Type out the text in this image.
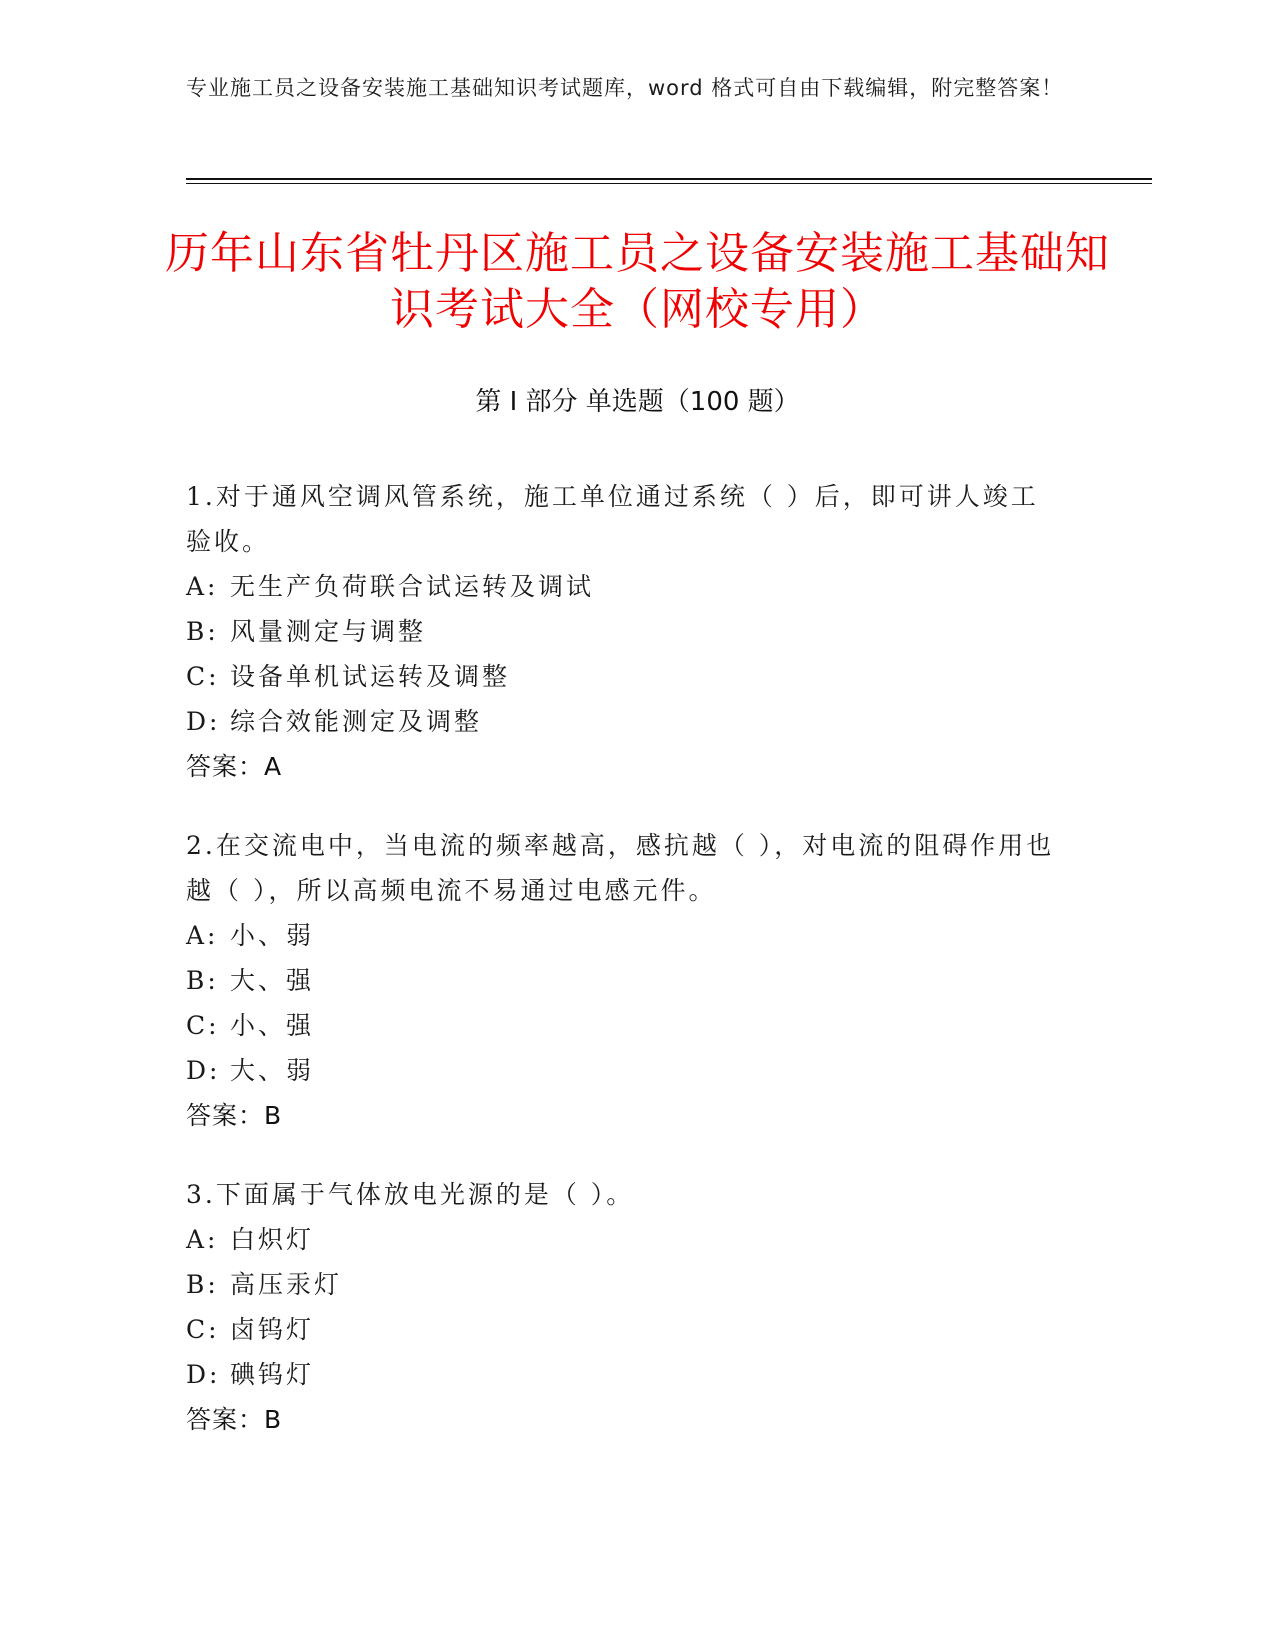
专业施工员之设备安装施工基础知识考试题库，word 格式可自由下载编辑，附完整答案！
历年山东省牡丹区施工员之设备安装施工基础知识考试大全（网校专用）
第 I 部分 单选题（100 题）
1.对于通风空调风管系统，施工单位通过系统（ ）后，即可讲人竣工验收。
A: 无生产负荷联合试运转及调试
B: 风量测定与调整
C: 设备单机试运转及调整
D: 综合效能测定及调整
答案：A
2.在交流电中，当电流的频率越高，感抗越（ ），对电流的阻碍作用也越（ ），所以高频电流不易通过电感元件。
A: 小、弱
B: 大、强
C: 小、强
D: 大、弱
答案：B
3.下面属于气体放电光源的是（ ）。
A: 白炽灯
B: 高压汞灯
C: 卤钨灯
D: 碘钨灯
答案：B
